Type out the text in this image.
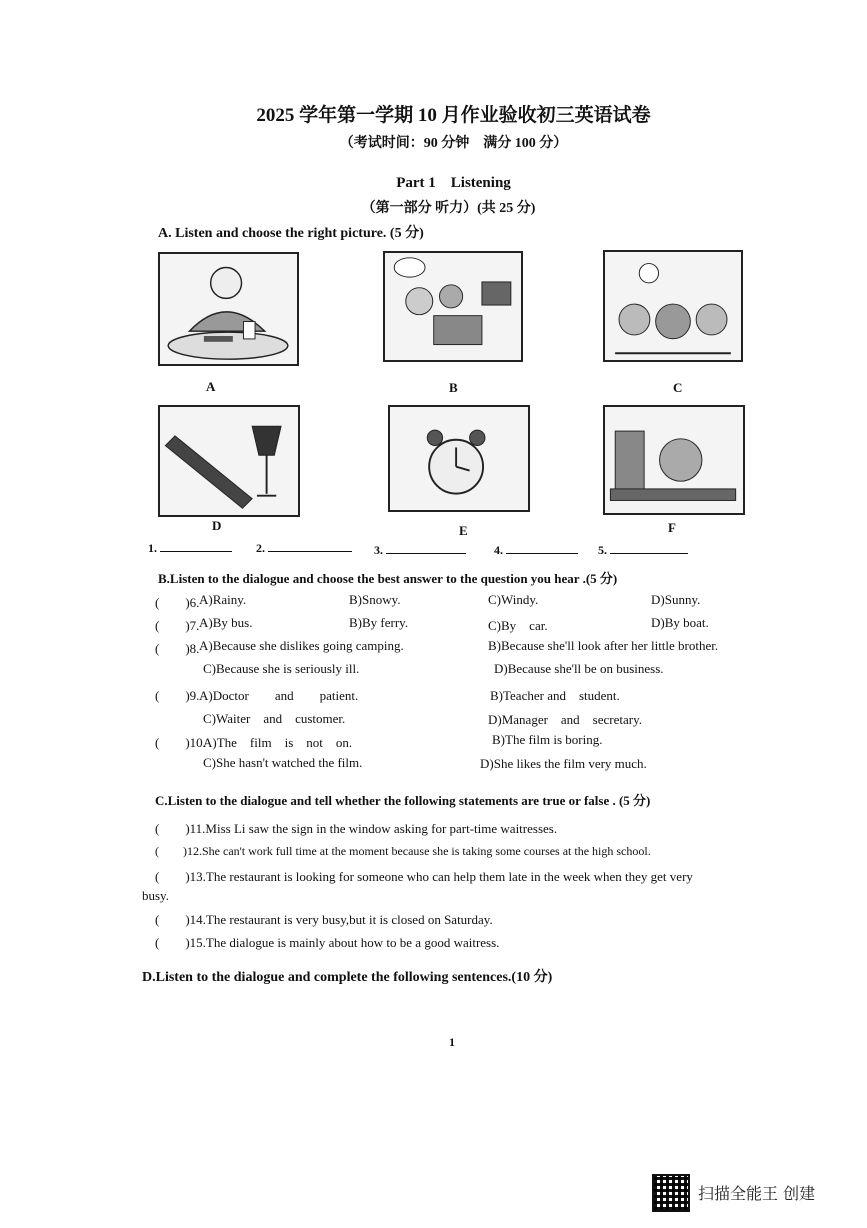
2025 学年第一学期 10 月作业验收初三英语试卷
（考试时间：90 分钟　满分 100 分）
Part 1　Listening
（第一部分 听力）(共 25 分)
A. Listen and choose the right picture. (5 分)
A	B	C
D	E	F
1.	2.	3.	4.	5.
B.Listen to the dialogue and choose the best answer to the question you hear .(5 分)
(　　)6. A)Rainy.	B)Snowy.	C)Windy.	D)Sunny.
(　　)7. A)By bus.	B)By ferry.	C)By　car.	D)By boat.
(　　)8. A)Because she dislikes going camping.	B)Because she'll look after her little brother.
C)Because she is seriously ill.	D)Because she'll be on business.
(　　)9. A)Doctor　　and　　patient.	B)Teacher and　student.
C)Waiter　and　customer.	D)Manager　and　secretary.
(　　)10.
A)The　film　is　not　on.	B)The film is boring.
C)She hasn't watched the film.	D)She likes the film very much.
C.Listen to the dialogue and tell whether the following statements are true or false . (5 分)
(　　)11.Miss Li saw the sign in the window asking for part-time waitresses.
(　　)12.She can't work full time at the moment because she is taking some courses at the high school.
(　　)13.The restaurant is looking for someone who can help them late in the week when they get very
busy.
(　　)14.The restaurant is very busy,but it is closed on Saturday.
(　　)15.The dialogue is mainly about how to be a good waitress.
D.Listen to the dialogue and complete the following sentences.(10 分)
1
扫描全能王 创建
